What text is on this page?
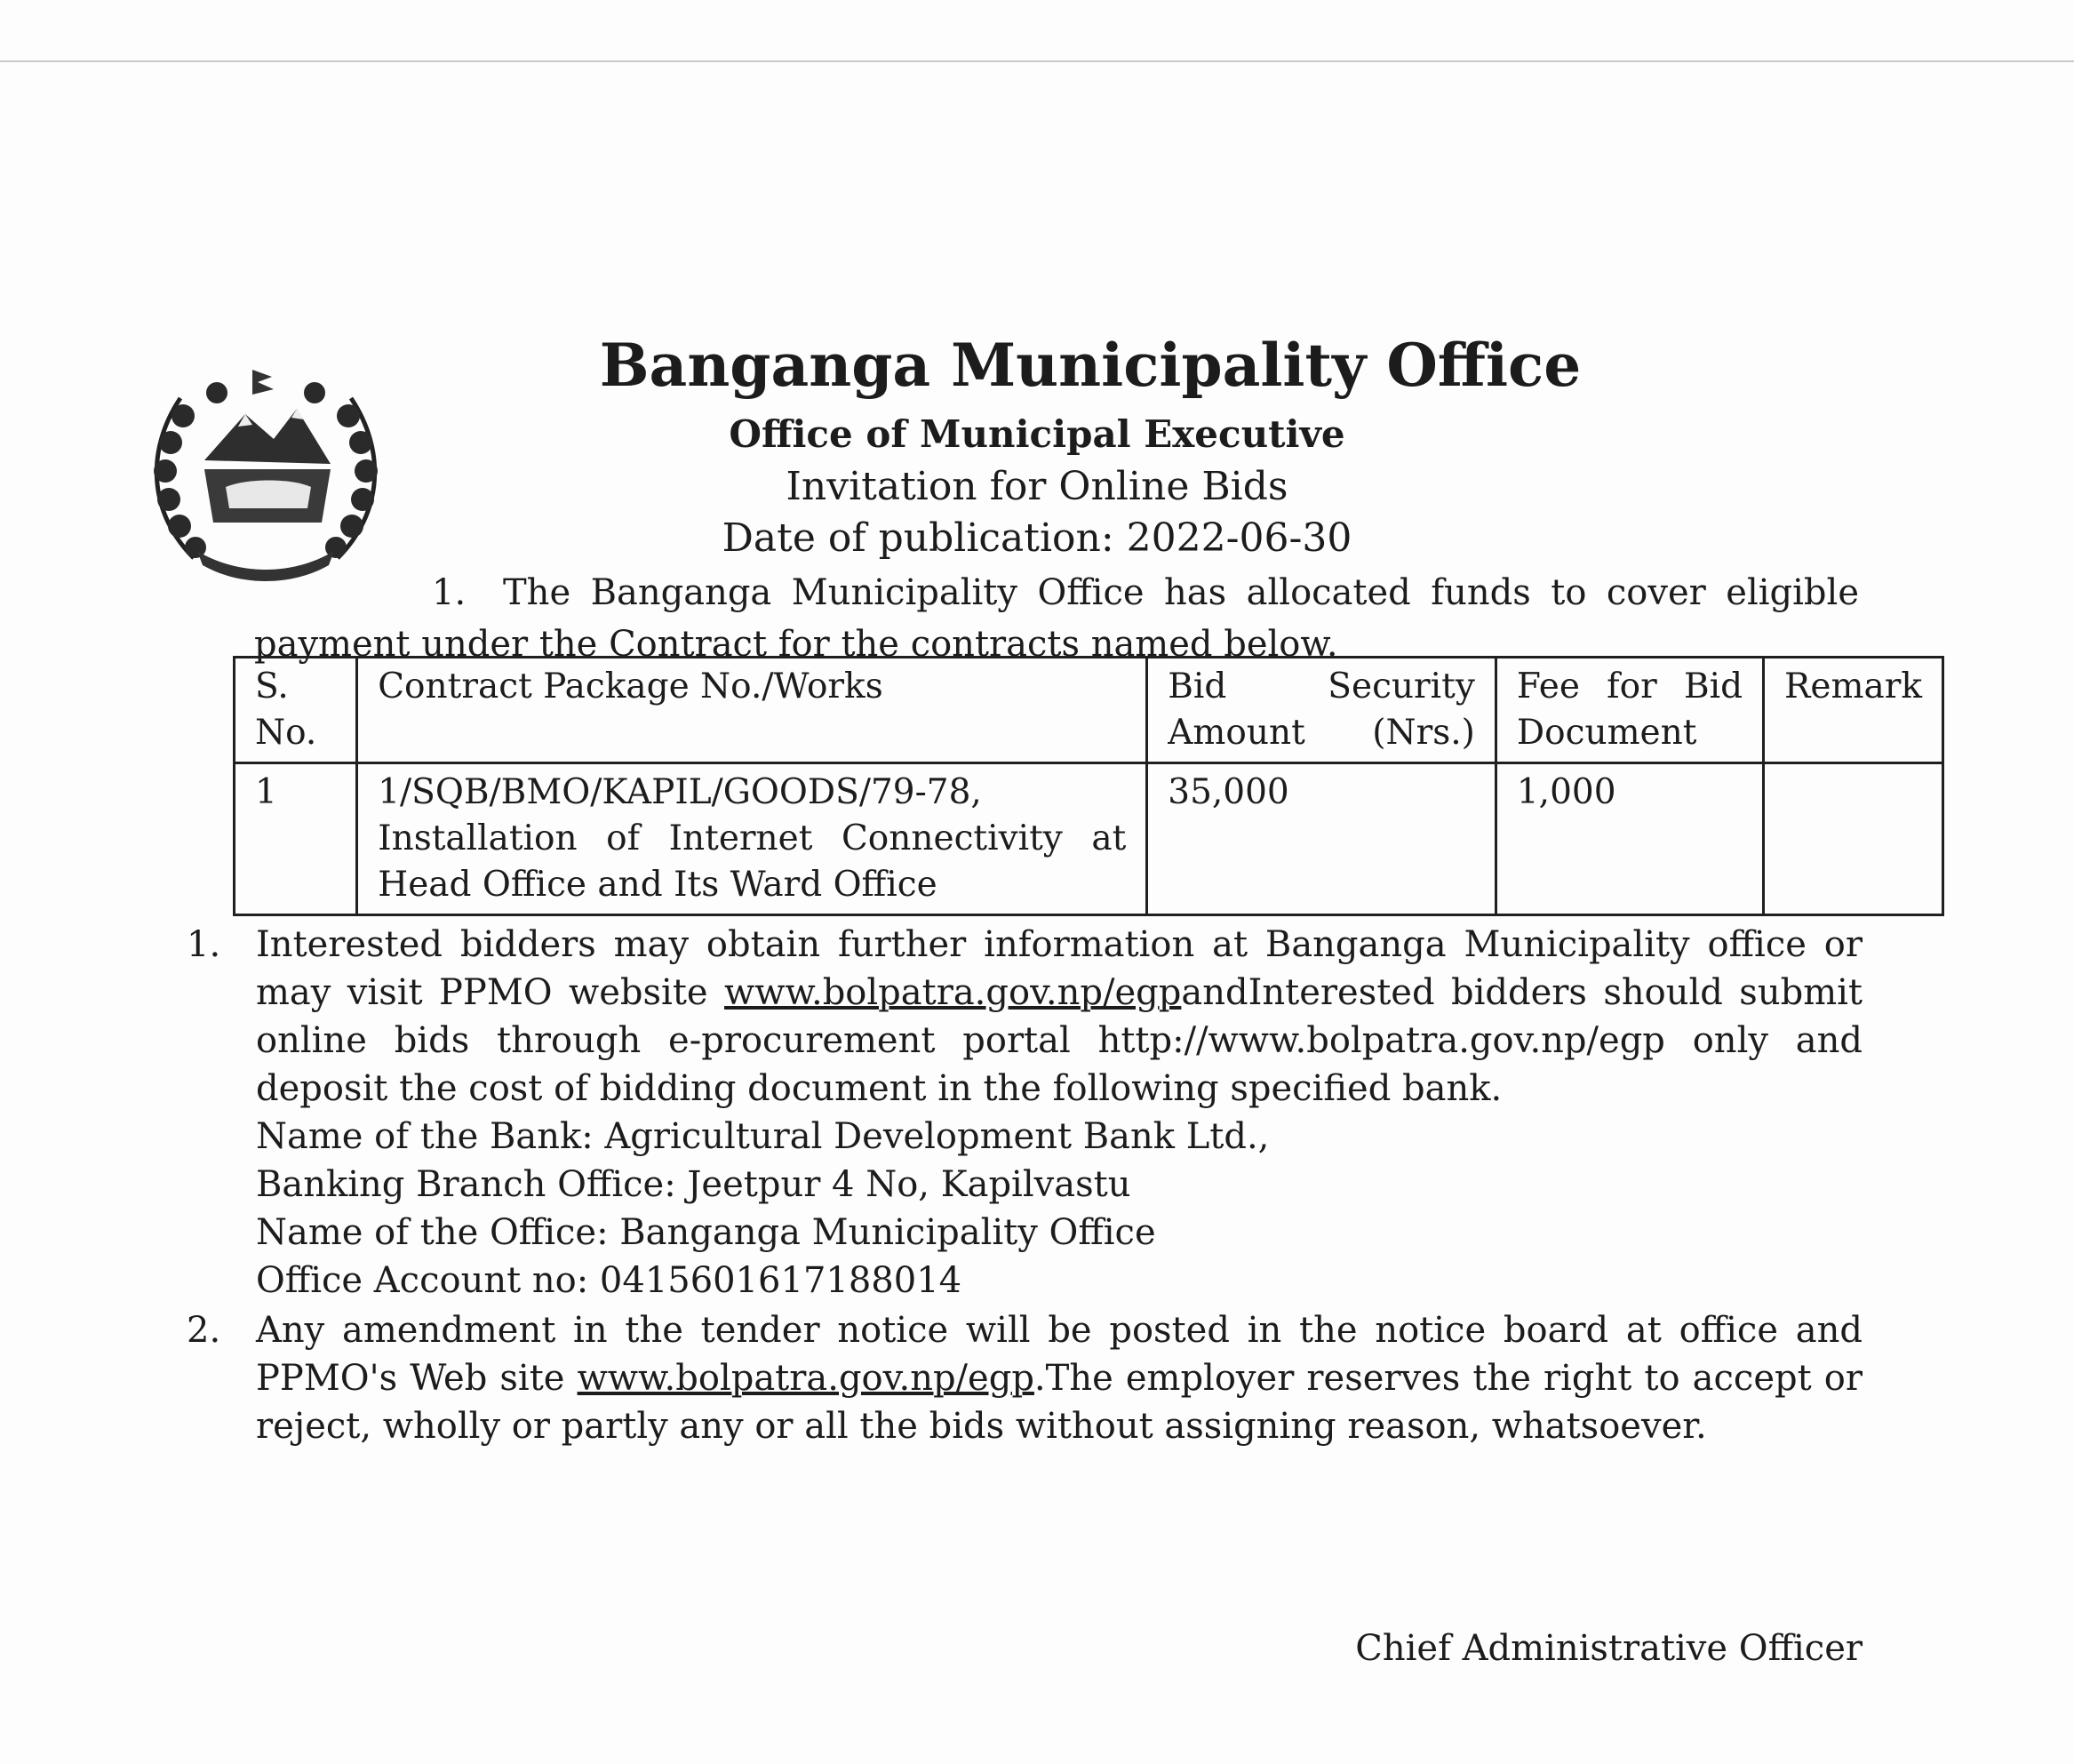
Banganga Municipality Office
Office of Municipal Executive
Invitation for Online Bids
Date of publication: 2022-06-30
1.	The Banganga Municipality Office has allocated funds to cover eligible
payment under the Contract for the contracts named below.
S. No.	Contract Package No./Works	Bid Security Amount (Nrs.)	Fee for Bid Document	Remark
1	1/SQB/BMO/KAPIL/GOODS/79-78,
Installation of Internet Connectivity at
Head Office and Its Ward Office	35,000	1,000	
1. Interested bidders may obtain further information at Banganga Municipality office or may visit PPMO website www.bolpatra.gov.np/egpandInterested bidders should submit online bids through e-procurement portal http://www.bolpatra.gov.np/egp only and deposit the cost of bidding document in the following specified bank.
Name of the Bank: Agricultural Development Bank Ltd.,
Banking Branch Office: Jeetpur 4 No, Kapilvastu
Name of the Office: Banganga Municipality Office
Office Account no: 0415601617188014
2. Any amendment in the tender notice will be posted in the notice board at office and PPMO's Web site www.bolpatra.gov.np/egp.The employer reserves the right to accept or reject, wholly or partly any or all the bids without assigning reason, whatsoever.
Chief Administrative Officer
